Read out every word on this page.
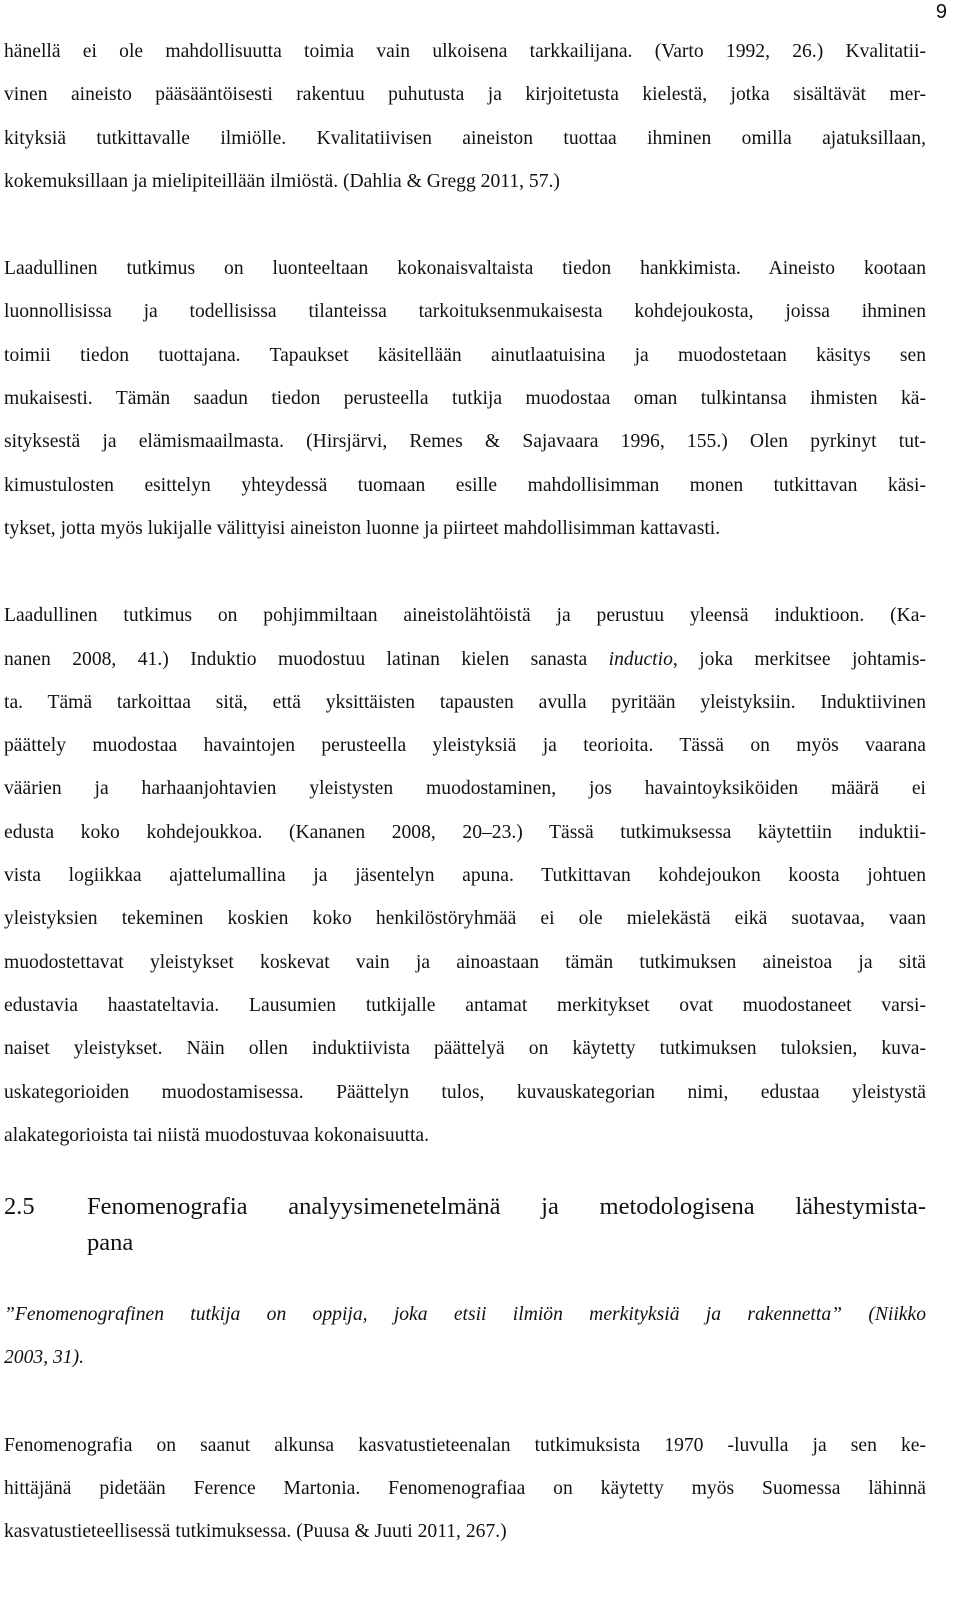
9
hänellä ei ole mahdollisuutta toimia vain ulkoisena tarkkailijana. (Varto 1992, 26.) Kvalitatii-
vinen aineisto pääsääntöisesti rakentuu puhutusta ja kirjoitetusta kielestä, jotka sisältävät mer-
kityksiä tutkittavalle ilmiölle. Kvalitatiivisen aineiston tuottaa ihminen omilla ajatuksillaan,
kokemuksillaan ja mielipiteillään ilmiöstä. (Dahlia & Gregg 2011, 57.)
Laadullinen tutkimus on luonteeltaan kokonaisvaltaista tiedon hankkimista. Aineisto kootaan
luonnollisissa ja todellisissa tilanteissa tarkoituksenmukaisesta kohdejoukosta, joissa ihminen
toimii tiedon tuottajana. Tapaukset käsitellään ainutlaatuisina ja muodostetaan käsitys sen
mukaisesti. Tämän saadun tiedon perusteella tutkija muodostaa oman tulkintansa ihmisten kä-
sityksestä ja elämismaailmasta. (Hirsjärvi, Remes & Sajavaara 1996, 155.) Olen pyrkinyt tut-
kimustulosten esittelyn yhteydessä tuomaan esille mahdollisimman monen tutkittavan käsi-
tykset, jotta myös lukijalle välittyisi aineiston luonne ja piirteet mahdollisimman kattavasti.
Laadullinen tutkimus on pohjimmiltaan aineistolähtöistä ja perustuu yleensä induktioon. (Ka-
nanen 2008, 41.) Induktio muodostuu latinan kielen sanasta inductio, joka merkitsee johtamis-
ta. Tämä tarkoittaa sitä, että yksittäisten tapausten avulla pyritään yleistyksiin. Induktiivinen
päättely muodostaa havaintojen perusteella yleistyksiä ja teorioita. Tässä on myös vaarana
väärien ja harhaanjohtavien yleistysten muodostaminen, jos havaintoyksiköiden määrä ei
edusta koko kohdejoukkoa. (Kananen 2008, 20–23.) Tässä tutkimuksessa käytettiin induktii-
vista logiikkaa ajattelumallina ja jäsentelyn apuna. Tutkittavan kohdejoukon koosta johtuen
yleistyksien tekeminen koskien koko henkilöstöryhmää ei ole mielekästä eikä suotavaa, vaan
muodostettavat yleistykset koskevat vain ja ainoastaan tämän tutkimuksen aineistoa ja sitä
edustavia haastateltavia. Lausumien tutkijalle antamat merkitykset ovat muodostaneet varsi-
naiset yleistykset. Näin ollen induktiivista päättelyä on käytetty tutkimuksen tuloksien, kuva-
uskategorioiden muodostamisessa. Päättelyn tulos, kuvauskategorian nimi, edustaa yleistystä
alakategorioista tai niistä muodostuvaa kokonaisuutta.
2.5 Fenomenografia analyysimenetelmänä ja metodologisena lähestymista-
pana
”Fenomenografinen tutkija on oppija, joka etsii ilmiön merkityksiä ja rakennetta” (Niikko
2003, 31).
Fenomenografia on saanut alkunsa kasvatustieteenalan tutkimuksista 1970 -luvulla ja sen ke-
hittäjänä pidetään Ference Martonia. Fenomenografiaa on käytetty myös Suomessa lähinnä
kasvatustieteellisessä tutkimuksessa. (Puusa & Juuti 2011, 267.)
